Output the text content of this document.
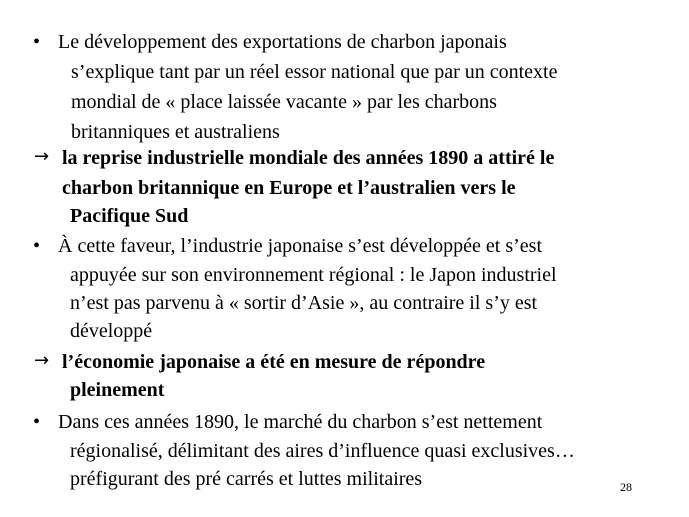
• Le développement des exportations de charbon japonais
s’explique tant par un réel essor national que par un contexte
mondial de « place laissée vacante » par les charbons
britanniques et australiens
→ la reprise industrielle mondiale des années 1890 a attiré le
charbon britannique en Europe et l’australien vers le
Pacifique Sud
• À cette faveur, l’industrie japonaise s’est développée et s’est
appuyée sur son environnement régional : le Japon industriel
n’est pas parvenu à « sortir d’Asie », au contraire il s’y est
développé
→ l’économie japonaise a été en mesure de répondre
pleinement
• Dans ces années 1890, le marché du charbon s’est nettement
régionalisé, délimitant des aires d’influence quasi exclusives…
préfigurant des pré carrés et luttes militaires	28
